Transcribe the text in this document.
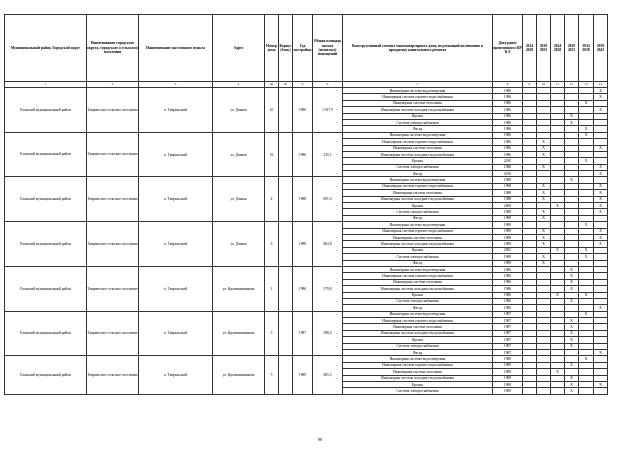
Муниципальный район, Городской округ	Наименование городского округа, городского (сельского) поселения	Наименование населенного пункта	Адрес	Номер дома	Корпус (блок)	Год постройки	Общая площадь жилых (нежилых) помещений	Конструктивный элемент многоквартирного дома, подлежащий включению в программу капитального ремонта	Дата ранее проведенного КР КЭ	2014 2018	2019 2023	2024 2028	2029 2033	2034 2038	2039 2043
1	2	3	4	4а	4б	5	6	7	8	9	10	11	12	13	14
Еланский муниципальный район	Таврическое сельское поселение	п. Тавральский	ул. Дачная	10		1986	1 617,9	Инженерная система водоотведения	1986						X
								Инженерная система горячего водоснабжения	1986						X
								Инженерная система отопления	1986					X	
								Инженерная система холодного водоснабжения	1986						X
								Крыша	1986				X		
								Система электроснабжения	1986				X		
								Фасад	1986					X	
Еланский муниципальный район	Таврическое сельское поселение	п. Тавральский	ул. Дачная	16		1986	235,1	Инженерная система водоотведения	1986					X	
								Инженерная система горячего водоснабжения	1986		X				
								Инженерная система отопления	1986		X				X
								Инженерная система холодного водоснабжения	1986		X				
								Крыша	2010					X	
								Система электроснабжения	1986		X				X
								Фасад	2010						X
Еланский муниципальный район	Таврическое сельское поселение	п. Тавральский	ул. Дачная	4		1988	891,0	Инженерная система водоотведения	1988				X		
								Инженерная система горячего водоснабжения	1988		X				X
								Инженерная система отопления	1988		X				X
								Инженерная система холодного водоснабжения	1988		X				X
								Крыша	2008			X			X
								Система электроснабжения	1988		X				X
								Фасад	1988		X				
Еланский муниципальный район	Таврическое сельское поселение	п. Тавральский	ул. Дачная	6		1989	863,8	Инженерная система водоотведения	1989					X	
								Инженерная система горячего водоснабжения	1989		X				X
								Инженерная система отопления	1989		X				X
								Инженерная система холодного водоснабжения	1989		X				X
								Крыша	2005			X		X	
								Система электроснабжения	1989		X			X	
								Фасад	1989		X				
Еланский муниципальный район	Таврическое сельское поселение	п. Тавральский	ул. Крашенинникова	1		1986	579,8	Инженерная система водоотведения	1986				X		
								Инженерная система горячего водоснабжения	1986				X		
								Инженерная система отопления	1986				X		
								Инженерная система холодного водоснабжения	1986				X		
								Крыша	1986			X		X	
								Система электроснабжения	1986				X		
								Фасад	1986						X
Еланский муниципальный район	Таврическое сельское поселение	п. Тавральский	ул. Крашенинникова	3		1987	588,4	Инженерная система водоотведения	1987					X	
								Инженерная система горячего водоснабжения	1987				X		
								Инженерная система отопления	1987				X		
								Инженерная система холодного водоснабжения	1987				X		
								Крыша	1987				X		
								Система электроснабжения	1987				X		
								Фасад	1987						X
Еланский муниципальный район	Таврическое сельское поселение	п. Тавральский	ул. Крашенинникова	5		1989	605,3	Инженерная система водоотведения	1989					X	
								Инженерная система горячего водоснабжения	1989				X		
								Инженерная система отопления	1989			X			
								Инженерная система холодного водоснабжения	1989				X		
								Крыша	1989				X		X
								Система электроснабжения	1989				X		
90
